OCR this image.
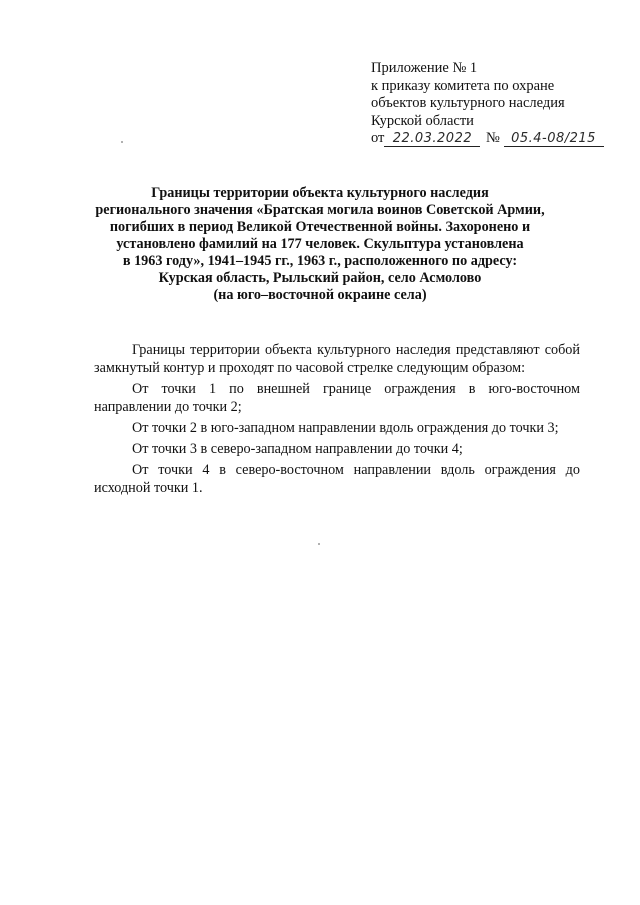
Приложение № 1
к приказу комитета по охране
объектов культурного наследия
Курской области
от 22.03.2022 № 05.4-08/215
Границы территории объекта культурного наследия
регионального значения «Братская могила воинов Советской Армии,
погибших в период Великой Отечественной войны. Захоронено и
установлено фамилий на 177 человек. Скульптура установлена
в 1963 году», 1941–1945 гг., 1963 г., расположенного по адресу:
Курская область, Рыльский район, село Асмолово
(на юго–восточной окраине села)

Границы территории объекта культурного наследия представляют собой замкнутый контур и проходят по часовой стрелке следующим образом:

От точки 1 по внешней границе ограждения в юго-восточном направлении до точки 2;

От точки 2 в юго-западном направлении вдоль ограждения до точки 3;

От точки 3 в северо-западном направлении до точки 4;

От точки 4 в северо-восточном направлении вдоль ограждения до исходной точки 1.
